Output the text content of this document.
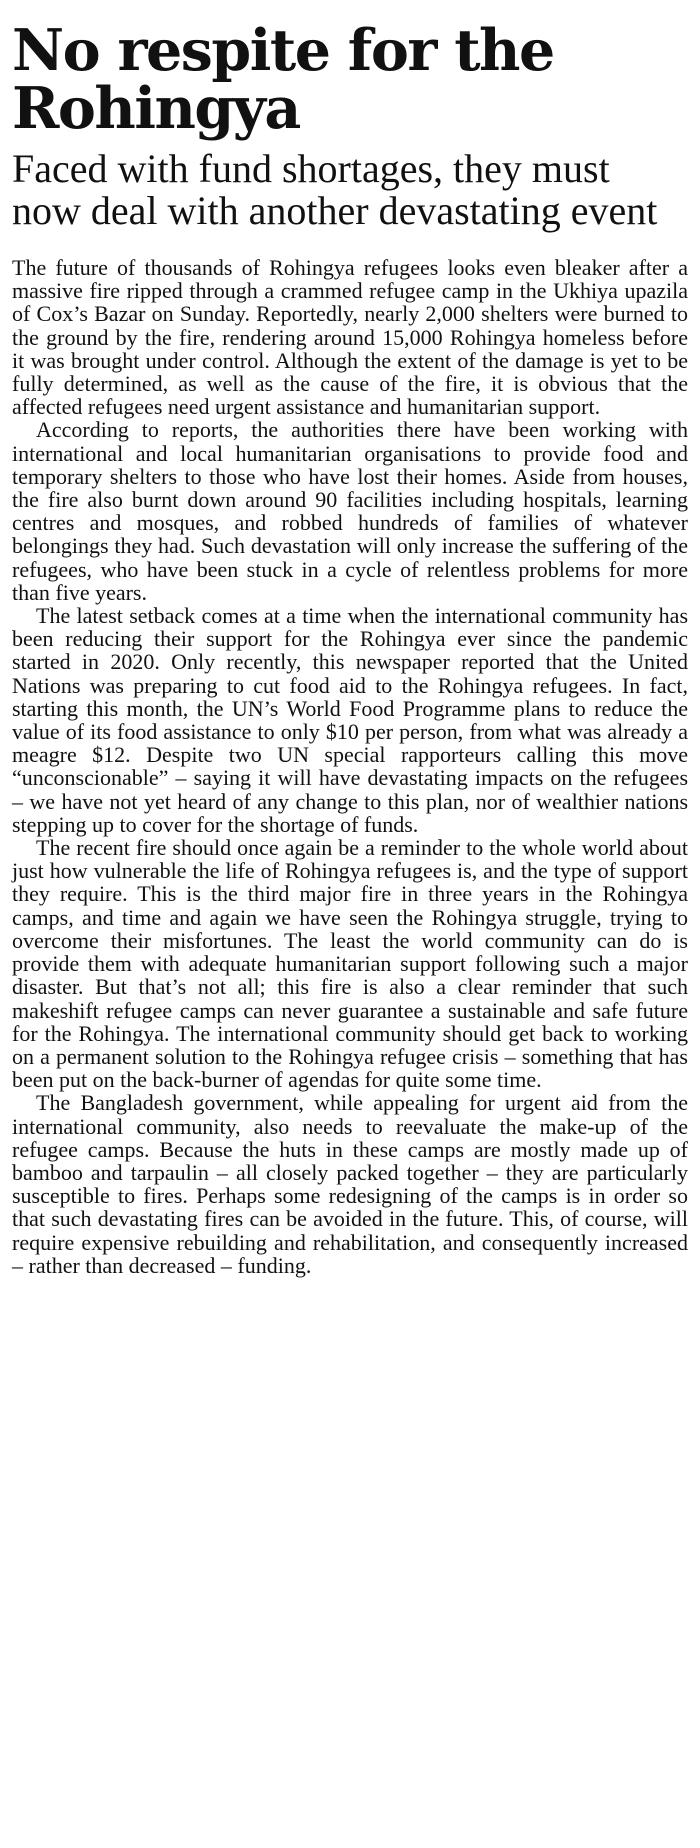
No respite for the Rohingya
Faced with fund shortages, they must now deal with another devastating event

The future of thousands of Rohingya refugees looks even bleaker after a massive fire ripped through a crammed refugee camp in the Ukhiya upazila of Cox’s Bazar on Sunday. Reportedly, nearly 2,000 shelters were burned to the ground by the fire, rendering around 15,000 Rohingya homeless before it was brought under control. Although the extent of the damage is yet to be fully determined, as well as the cause of the fire, it is obvious that the affected refugees need urgent assistance and humanitarian support.

According to reports, the authorities there have been working with international and local humanitarian organisations to provide food and temporary shelters to those who have lost their homes. Aside from houses, the fire also burnt down around 90 facilities including hospitals, learning centres and mosques, and robbed hundreds of families of whatever belongings they had. Such devastation will only increase the suffering of the refugees, who have been stuck in a cycle of relentless problems for more than five years.

The latest setback comes at a time when the international community has been reducing their support for the Rohingya ever since the pandemic started in 2020. Only recently, this newspaper reported that the United Nations was preparing to cut food aid to the Rohingya refugees. In fact, starting this month, the UN’s World Food Programme plans to reduce the value of its food assistance to only $10 per person, from what was already a meagre $12. Despite two UN special rapporteurs calling this move “unconscionable” – saying it will have devastating impacts on the refugees – we have not yet heard of any change to this plan, nor of wealthier nations stepping up to cover for the shortage of funds.

The recent fire should once again be a reminder to the whole world about just how vulnerable the life of Rohingya refugees is, and the type of support they require. This is the third major fire in three years in the Rohingya camps, and time and again we have seen the Rohingya struggle, trying to overcome their misfortunes. The least the world community can do is provide them with adequate humanitarian support following such a major disaster. But that’s not all; this fire is also a clear reminder that such makeshift refugee camps can never guarantee a sustainable and safe future for the Rohingya. The international community should get back to working on a permanent solution to the Rohingya refugee crisis – something that has been put on the back-burner of agendas for quite some time.

The Bangladesh government, while appealing for urgent aid from the international community, also needs to reevaluate the make-up of the refugee camps. Because the huts in these camps are mostly made up of bamboo and tarpaulin – all closely packed together – they are particularly susceptible to fires. Perhaps some redesigning of the camps is in order so that such devastating fires can be avoided in the future. This, of course, will require expensive rebuilding and rehabilitation, and consequently increased – rather than decreased – funding.
